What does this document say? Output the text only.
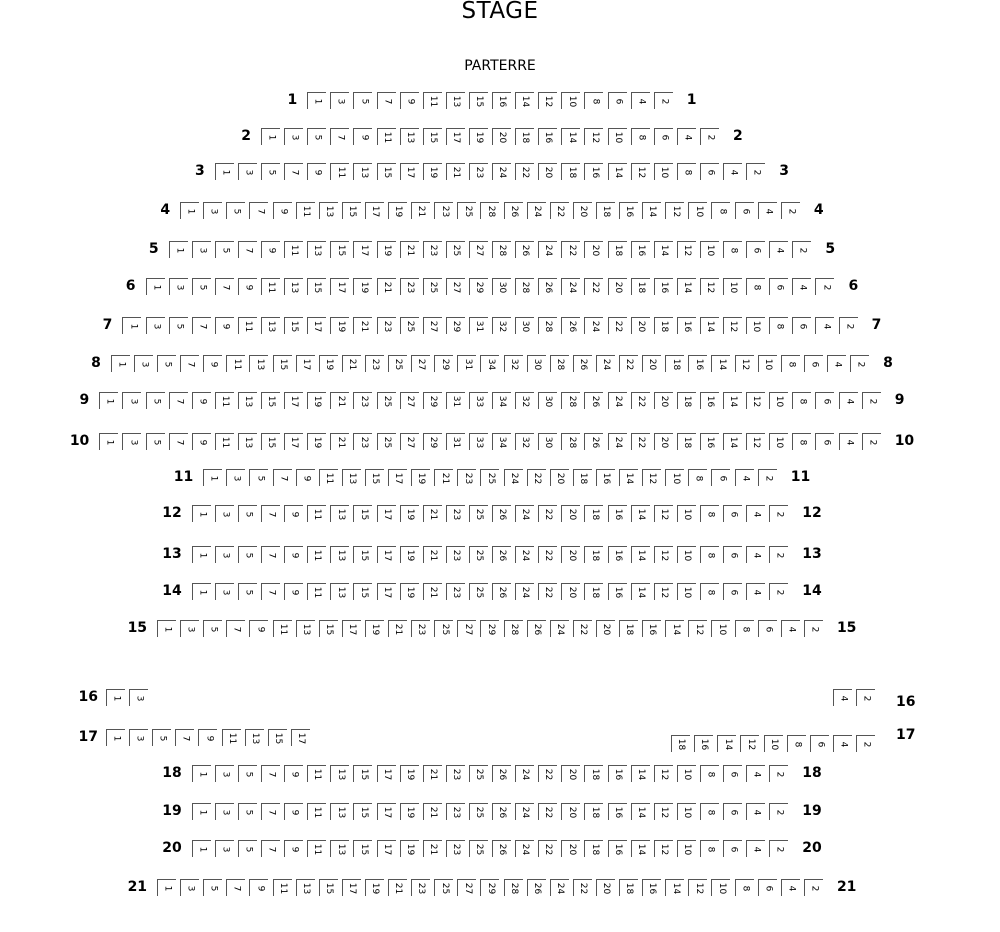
STAGE
PARTERRE
1 3 5 7 9 11 13 15 16 14 12 10 8 6 4 2
1	1
1 3 5 7 9 11 13 15 17 19 20 18 16 14 12 10 8 6 4 2
2	2
1 3 5 7 9 11 13 15 17 19 21 23 24 22 20 18 16 14 12 10 8 6 4 2
3	3
1 3 5 7 9 11 13 15 17 19 21 23 25 28 26 24 22 20 18 16 14 12 10 8 6 4 2
4	4
1 3 5 7 9 11 13 15 17 19 21 23 25 27 28 26 24 22 20 18 16 14 12 10 8 6 4 2
5	5
1 3 5 7 9 11 13 15 17 19 21 23 25 27 29 30 28 26 24 22 20 18 16 14 12 10 8 6 4 2
6	6
1 3 5 7 9 11 13 15 17 19 21 23 25 27 29 31 32 30 28 26 24 22 20 18 16 14 12 10 8 6 4 2
7	7
1 3 5 7 9 11 13 15 17 19 21 23 25 27 29 31 34 32 30 28 26 24 22 20 18 16 14 12 10 8 6 4 2
8	8
1 3 5 7 9 11 13 15 17 19 21 23 25 27 29 31 33 34 32 30 28 26 24 22 20 18 16 14 12 10 8 6 4 2
9	9
1 3 5 7 9 11 13 15 17 19 21 23 25 27 29 31 33 34 32 30 28 26 24 22 20 18 16 14 12 10 8 6 4 2
10	10
1 3 5 7 9 11 13 15 17 19 21 23 25 24 22 20 18 16 14 12 10 8 6 4 2
11	11
1 3 5 7 9 11 13 15 17 19 21 23 25 26 24 22 20 18 16 14 12 10 8 6 4 2
12	12
1 3 5 7 9 11 13 15 17 19 21 23 25 26 24 22 20 18 16 14 12 10 8 6 4 2
13	13
1 3 5 7 9 11 13 15 17 19 21 23 25 26 24 22 20 18 16 14 12 10 8 6 4 2
14	14
1 3 5 7 9 11 13 15 17 19 21 23 25 27 29 28 26 24 22 20 18 16 14 12 10 8 6 4 2
15	15
1 3
16	4 2 16
1 3 5 7 9 11 13 15 17
17	18 16 14 12 10 8 6 4 2
17
1 3 5 7 9 11 13 15 17 19 21 23 25 26 24 22 20 18 16 14 12 10 8 6 4 2
18	18
1 3 5 7 9 11 13 15 17 19 21 23 25 26 24 22 20 18 16 14 12 10 8 6 4 2
19	19
1 3 5 7 9 11 13 15 17 19 21 23 25 26 24 22 20 18 16 14 12 10 8 6 4 2
20	20
1 3 5 7 9 11 13 15 17 19 21 23 25 27 29 28 26 24 22 20 18 16 14 12 10 8 6 4 2
21	21
